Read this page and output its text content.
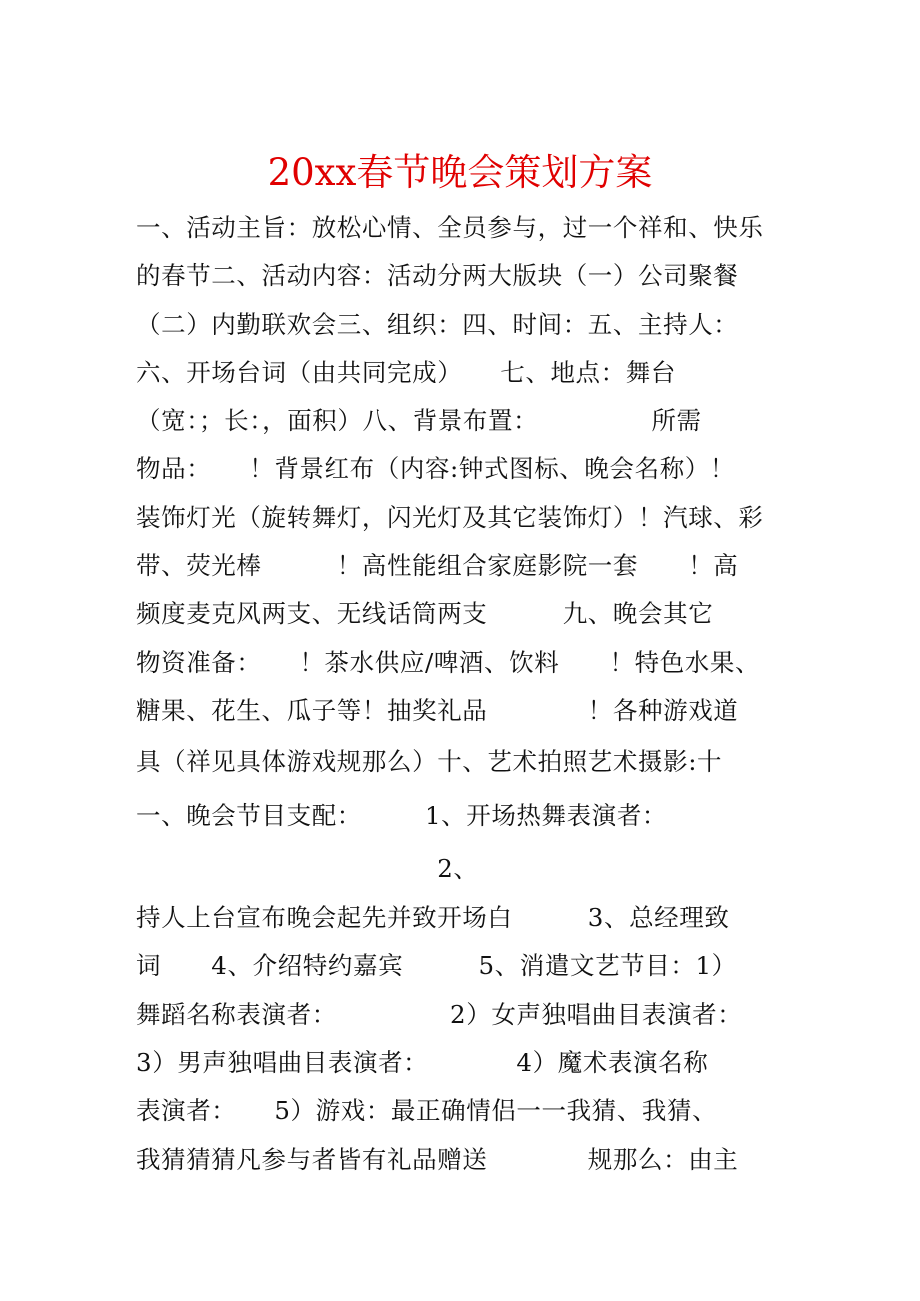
20xx春节晚会策划方案
一、活动主旨：放松心情、全员参与，过一个祥和、快乐
的春节二、活动内容：活动分两大版块（一）公司聚餐
（二）内勤联欢会三、组织：四、时间：五、主持人：
六、开场台词（由共同完成）　　七、地点：舞台
（宽：；长：，面积）八、背景布置：　　　　　所需
物品：　　！背景红布（内容:钟式图标、晚会名称）！
装饰灯光（旋转舞灯，闪光灯及其它装饰灯）！汽球、彩
带、荧光棒　　　！高性能组合家庭影院一套　　！高
频度麦克风两支、无线话筒两支　　　九、晚会其它
物资准备：　　！茶水供应/啤酒、饮料　　！特色水果、
糖果、花生、瓜子等！抽奖礼品　　　　！各种游戏道
具（祥见具体游戏规那么）十、艺术拍照艺术摄影:十
一、晚会节目支配：　　　1、开场热舞表演者：
　　　　　　　　　　　　2、
持人上台宣布晚会起先并致开场白　　　3、总经理致
词　　4、介绍特约嘉宾　　　5、消遣文艺节目：1）
舞蹈名称表演者：　　　　　2）女声独唱曲目表演者：
3）男声独唱曲目表演者：　　　　4）魔术表演名称
表演者：　　5）游戏：最正确情侣一一我猜、我猜、
我猜猜猜凡参与者皆有礼品赠送　　　　规那么：由主
